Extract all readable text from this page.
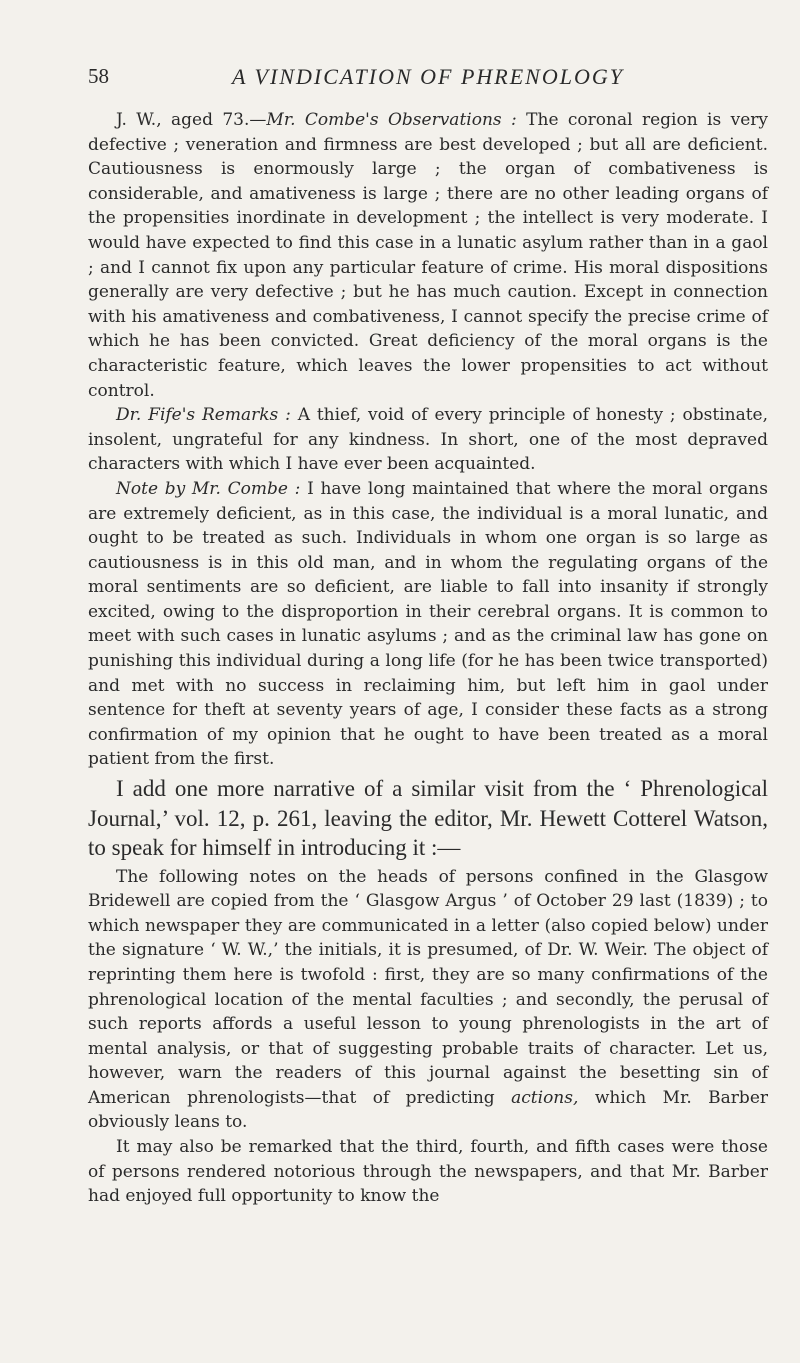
58	A VINDICATION OF PHRENOLOGY

J. W., aged 73.—Mr. Combe's Observations : The coronal region is very defective ; veneration and firmness are best developed ; but all are deficient. Cautiousness is enormously large ; the organ of combativeness is considerable, and amativeness is large ; there are no other leading organs of the propensities inordinate in development ; the intellect is very moderate. I would have expected to find this case in a lunatic asylum rather than in a gaol ; and I cannot fix upon any particular feature of crime. His moral dispositions generally are very defective ; but he has much caution. Except in connection with his amativeness and combativeness, I cannot specify the precise crime of which he has been convicted. Great deficiency of the moral organs is the characteristic feature, which leaves the lower propensities to act without control.

Dr. Fife's Remarks : A thief, void of every principle of honesty ; obstinate, insolent, ungrateful for any kindness. In short, one of the most depraved characters with which I have ever been acquainted.

Note by Mr. Combe : I have long maintained that where the moral organs are extremely deficient, as in this case, the individual is a moral lunatic, and ought to be treated as such. Individuals in whom one organ is so large as cautiousness is in this old man, and in whom the regulating organs of the moral sentiments are so deficient, are liable to fall into insanity if strongly excited, owing to the disproportion in their cerebral organs. It is common to meet with such cases in lunatic asylums ; and as the criminal law has gone on punishing this individual during a long life (for he has been twice transported) and met with no success in reclaiming him, but left him in gaol under sentence for theft at seventy years of age, I consider these facts as a strong confirmation of my opinion that he ought to have been treated as a moral patient from the first.

I add one more narrative of a similar visit from the ‘ Phrenological Journal,’ vol. 12, p. 261, leaving the editor, Mr. Hewett Cotterel Watson, to speak for himself in introducing it :—

The following notes on the heads of persons confined in the Glasgow Bridewell are copied from the ‘ Glasgow Argus ’ of October 29 last (1839) ; to which newspaper they are communicated in a letter (also copied below) under the signature ‘ W. W.,’ the initials, it is presumed, of Dr. W. Weir. The object of reprinting them here is twofold : first, they are so many confirmations of the phrenological location of the mental faculties ; and secondly, the perusal of such reports affords a useful lesson to young phrenologists in the art of mental analysis, or that of suggesting probable traits of character. Let us, however, warn the readers of this journal against the besetting sin of American phrenologists—that of predicting actions, which Mr. Barber obviously leans to.

It may also be remarked that the third, fourth, and fifth cases were those of persons rendered notorious through the newspapers, and that Mr. Barber had enjoyed full opportunity to know the
